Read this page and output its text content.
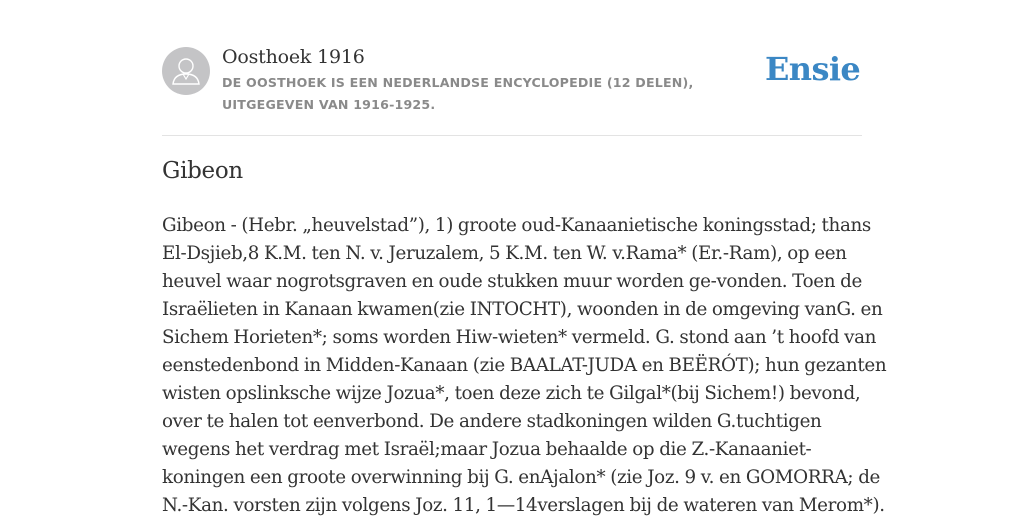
Oosthoek 1916
DE OOSTHOEK IS EEN NEDERLANDSE ENCYCLOPEDIE (12 DELEN), UITGEGEVEN VAN 1916-1925.
Ensie
Gibeon

Gibeon - (Hebr. „heuvelstad”), 1) groote oud-Kanaanietische koningsstad; thans
El-Dsjieb,8 K.M. ten N. v. Jeruzalem, 5 K.M. ten W. v.Rama* (Er.-Ram), op een
heuvel waar nogrotsgraven en oude stukken muur worden ge-vonden. Toen de
Israëlieten in Kanaan kwamen(zie INTOCHT), woonden in de omgeving vanG. en
Sichem Horieten*; soms worden Hiw-wieten* vermeld. G. stond aan ’t hoofd van
eenstedenbond in Midden-Kanaan (zie BAALAT-JUDA en BEËRÓT); hun gezanten
wisten opslinksche wijze Jozua*, toen deze zich te Gilgal*(bij Sichem!) bevond,
over te halen tot eenverbond. De andere stadkoningen wilden G.tuchtigen
wegens het verdrag met Israël;maar Jozua behaalde op die Z.-Kanaaniet-
koningen een groote overwinning bij G. enAjalon* (zie Joz. 9 v. en GOMORRA; de
N.-Kan. vorsten zijn volgens Joz. 11, 1—14verslagen bij de wateren van Merom*).
